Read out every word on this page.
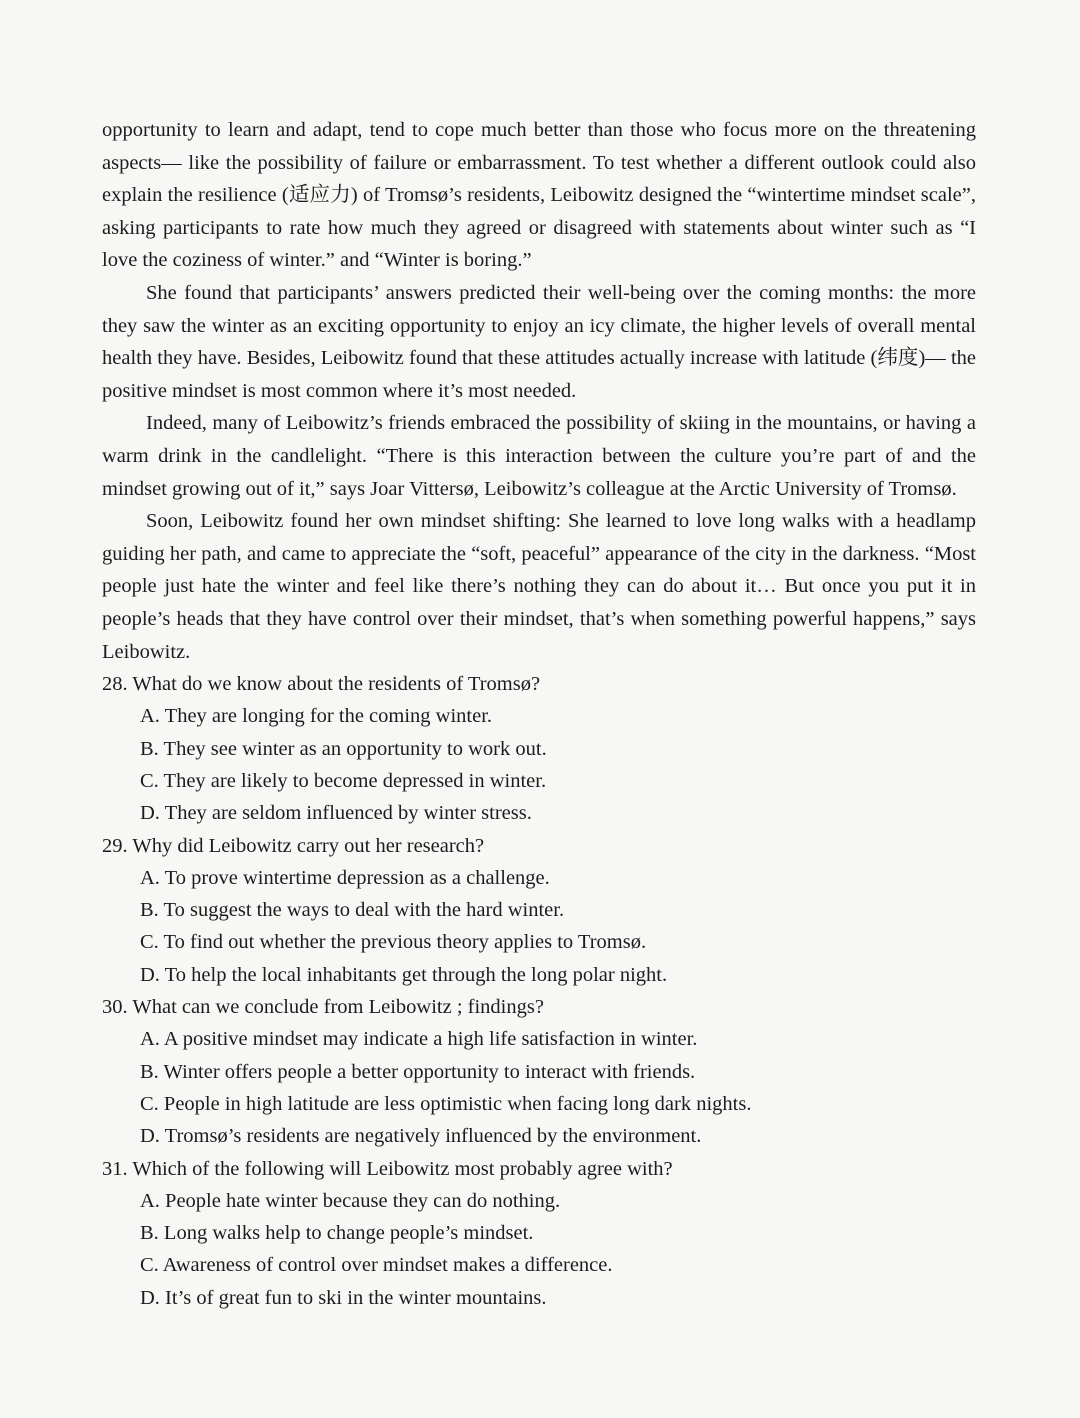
opportunity to learn and adapt, tend to cope much better than those who focus more on the threatening aspects— like the possibility of failure or embarrassment. To test whether a different outlook could also explain the resilience (适应力) of Tromsø’s residents, Leibowitz designed the “wintertime mindset scale”, asking participants to rate how much they agreed or disagreed with statements about winter such as “I love the coziness of winter.” and “Winter is boring.”

She found that participants’ answers predicted their well-being over the coming months: the more they saw the winter as an exciting opportunity to enjoy an icy climate, the higher levels of overall mental health they have. Besides, Leibowitz found that these attitudes actually increase with latitude (纬度)— the positive mindset is most common where it’s most needed.

Indeed, many of Leibowitz’s friends embraced the possibility of skiing in the mountains, or having a warm drink in the candlelight. “There is this interaction between the culture you’re part of and the mindset growing out of it,” says Joar Vittersø, Leibowitz’s colleague at the Arctic University of Tromsø.

Soon, Leibowitz found her own mindset shifting: She learned to love long walks with a headlamp guiding her path, and came to appreciate the “soft, peaceful” appearance of the city in the darkness. “Most people just hate the winter and feel like there’s nothing they can do about it… But once you put it in people’s heads that they have control over their mindset, that’s when something powerful happens,” says Leibowitz.

28. What do we know about the residents of Tromsø?

A. They are longing for the coming winter.
B. They see winter as an opportunity to work out.
C. They are likely to become depressed in winter.
D. They are seldom influenced by winter stress.

29. Why did Leibowitz carry out her research?

A. To prove wintertime depression as a challenge.
B. To suggest the ways to deal with the hard winter.
C. To find out whether the previous theory applies to Tromsø.
D. To help the local inhabitants get through the long polar night.

30. What can we conclude from Leibowitz ; findings?

A. A positive mindset may indicate a high life satisfaction in winter.
B. Winter offers people a better opportunity to interact with friends.
C. People in high latitude are less optimistic when facing long dark nights.
D. Tromsø’s residents are negatively influenced by the environment.

31. Which of the following will Leibowitz most probably agree with?

A. People hate winter because they can do nothing.
B. Long walks help to change people’s mindset.
C. Awareness of control over mindset makes a difference.
D. It’s of great fun to ski in the winter mountains.
